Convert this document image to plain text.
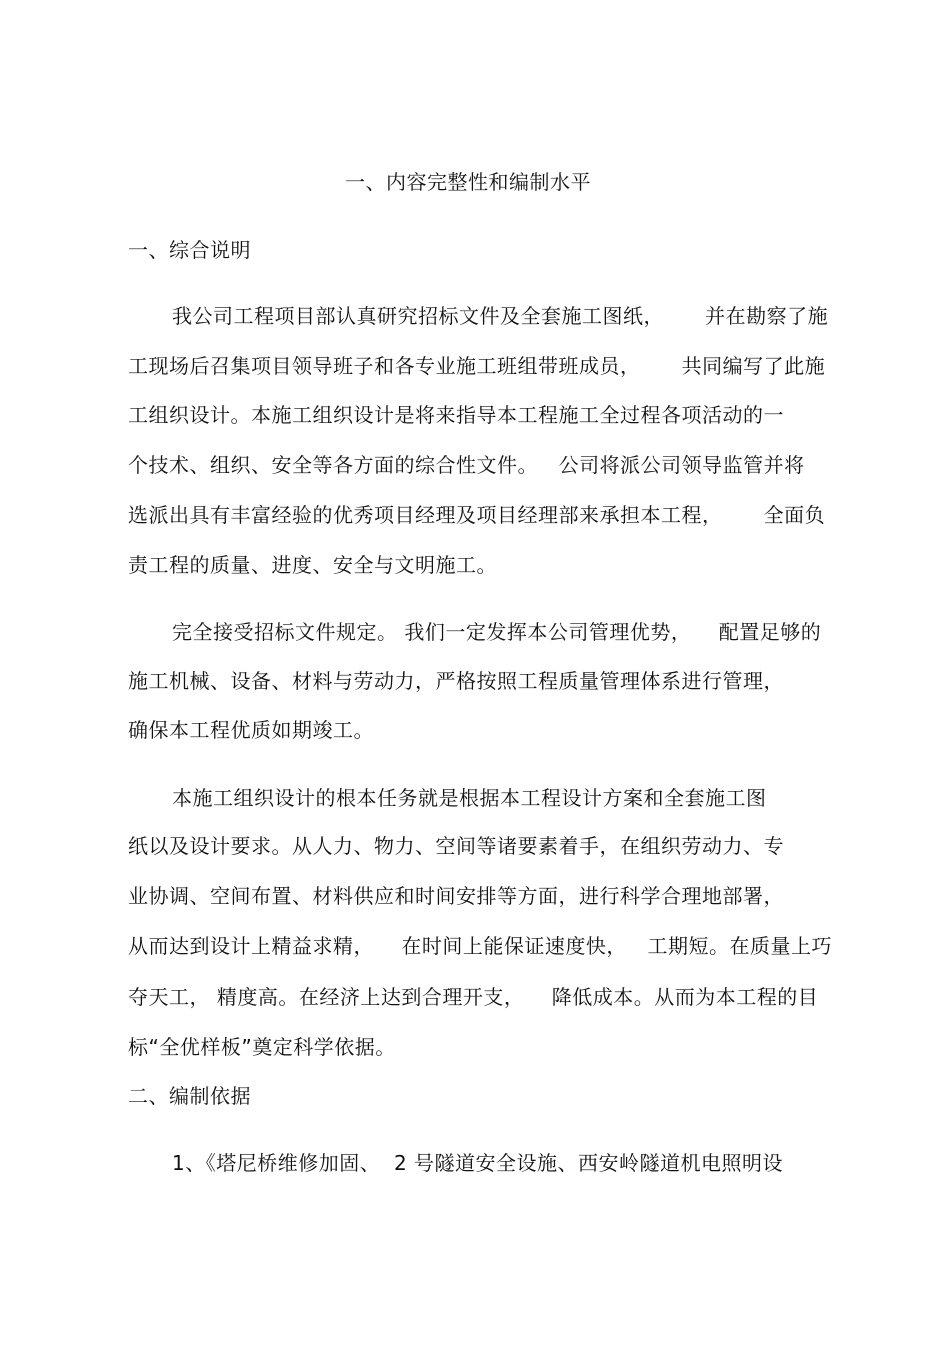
一、内容完整性和编制水平
一、综合说明
我公司工程项目部认真研究招标文件及全套施工图纸，      并在勘察了施
工现场后召集项目领导班子和各专业施工班组带班成员，      共同编写了此施
工组织设计。本施工组织设计是将来指导本工程施工全过程各项活动的一
个技术、组织、安全等各方面的综合性文件。   公司将派公司领导监管并将
选派出具有丰富经验的优秀项目经理及项目经理部来承担本工程，      全面负
责工程的质量、进度、安全与文明施工。
完全接受招标文件规定。 我们一定发挥本公司管理优势，    配置足够的
施工机械、设备、材料与劳动力，严格按照工程质量管理体系进行管理，
确保本工程优质如期竣工。
本施工组织设计的根本任务就是根据本工程设计方案和全套施工图
纸以及设计要求。从人力、物力、空间等诸要素着手，在组织劳动力、专
业协调、空间布置、材料供应和时间安排等方面，进行科学合理地部署，
从而达到设计上精益求精，    在时间上能保证速度快，   工期短。在质量上巧
夺天工， 精度高。在经济上达到合理开支，    降低成本。从而为本工程的目
标“全优样板”奠定科学依据。
二、编制依据
1、《塔尼桥维修加固、  2 号隧道安全设施、西安岭隧道机电照明设
